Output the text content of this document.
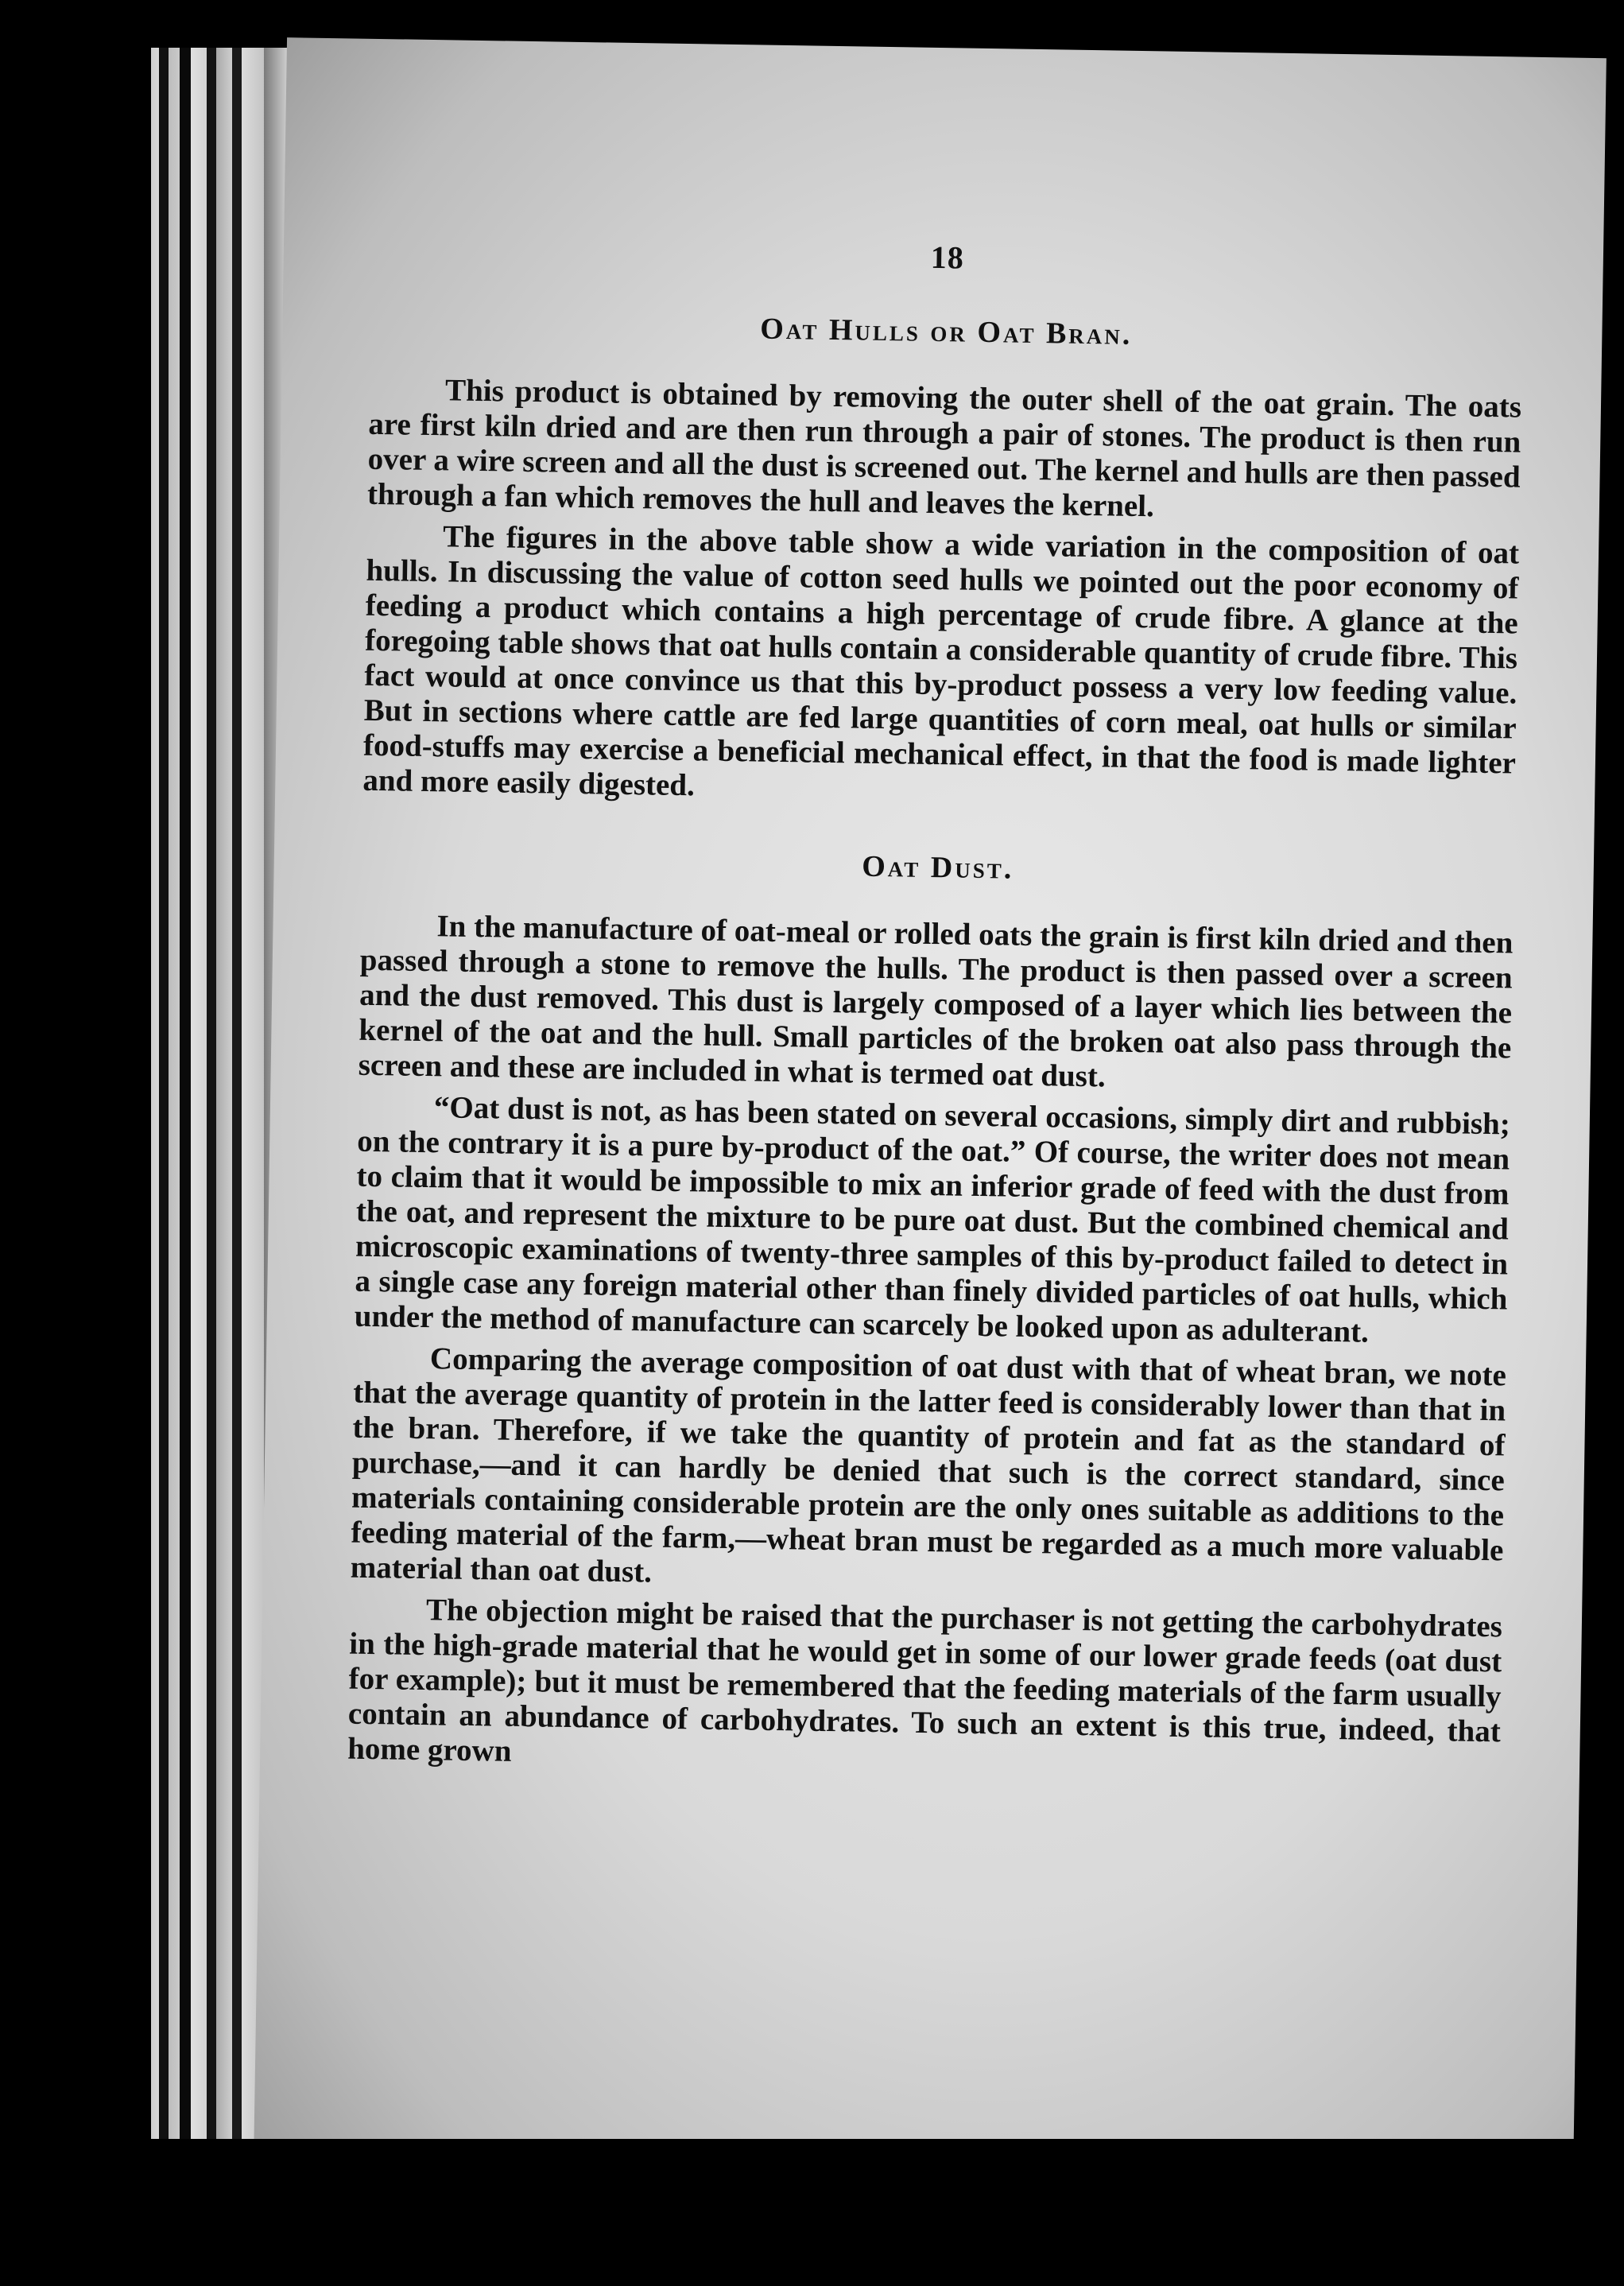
18
Oat Hulls or Oat Bran.

This product is obtained by removing the outer shell of the oat grain. The oats are first kiln dried and are then run through a pair of stones. The product is then run over a wire screen and all the dust is screened out. The kernel and hulls are then passed through a fan which removes the hull and leaves the kernel.

The figures in the above table show a wide variation in the composition of oat hulls. In discussing the value of cotton seed hulls we pointed out the poor economy of feeding a product which contains a high percentage of crude fibre. A glance at the foregoing table shows that oat hulls contain a considerable quantity of crude fibre. This fact would at once convince us that this by-product possess a very low feeding value. But in sections where cattle are fed large quantities of corn meal, oat hulls or similar food-stuffs may exercise a beneficial mechanical effect, in that the food is made lighter and more easily digested.

Oat Dust.

In the manufacture of oat-meal or rolled oats the grain is first kiln dried and then passed through a stone to remove the hulls. The product is then passed over a screen and the dust removed. This dust is largely composed of a layer which lies between the kernel of the oat and the hull. Small particles of the broken oat also pass through the screen and these are included in what is termed oat dust.

“Oat dust is not, as has been stated on several occasions, simply dirt and rubbish; on the contrary it is a pure by-product of the oat.” Of course, the writer does not mean to claim that it would be impossible to mix an inferior grade of feed with the dust from the oat, and represent the mixture to be pure oat dust. But the combined chemical and microscopic examinations of twenty-three samples of this by-product failed to detect in a single case any foreign material other than finely divided particles of oat hulls, which under the method of manufacture can scarcely be looked upon as adulterant.

Comparing the average composition of oat dust with that of wheat bran, we note that the average quantity of protein in the latter feed is considerably lower than that in the bran. Therefore, if we take the quantity of protein and fat as the standard of purchase,—and it can hardly be denied that such is the correct standard, since materials containing considerable protein are the only ones suitable as additions to the feeding material of the farm,—wheat bran must be regarded as a much more valuable material than oat dust.

The objection might be raised that the purchaser is not getting the carbohydrates in the high-grade material that he would get in some of our lower grade feeds (oat dust for example); but it must be remembered that the feeding materials of the farm usually contain an abundance of carbohydrates. To such an extent is this true, indeed, that home grown
